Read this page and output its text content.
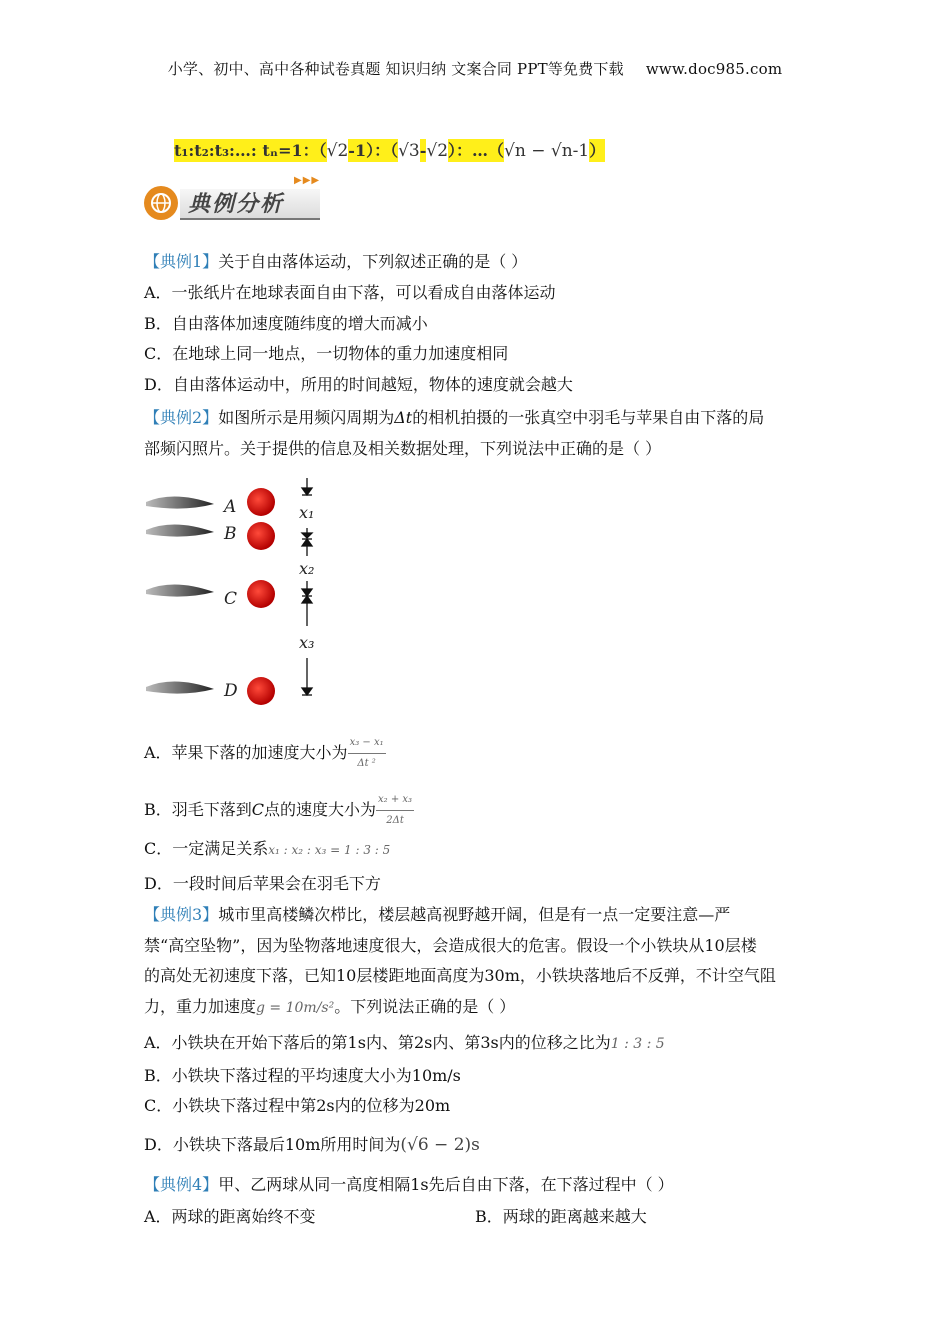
小学、初中、高中各种试卷真题 知识归纳 文案合同 PPT等免费下载 www.doc985.com
t₁:t₂:t₃:…: tₙ=1：（√2-1）：（√3-√2）：…（√n − √n-1）
▶▶▶
典例分析
【典例1】关于自由落体运动，下列叙述正确的是（ ）
A．一张纸片在地球表面自由下落，可以看成自由落体运动
B．自由落体加速度随纬度的增大而减小
C．在地球上同一地点，一切物体的重力加速度相同
D．自由落体运动中，所用的时间越短，物体的速度就会越大
【典例2】如图所示是用频闪周期为Δt的相机拍摄的一张真空中羽毛与苹果自由下落的局
部频闪照片。关于提供的信息及相关数据处理，下列说法中正确的是（ ）
A
B
C
D
x₁
x₂
x₃
A．苹果下落的加速度大小为 $\frac{\text{x₃ − x₁}}{\text{Δt ²}}$
B．羽毛下落到C点的速度大小为 $\frac{\text{x₂ + x₃}}{2\Delta t}$
C．一定满足关系x₁ : x₂ : x₃ = 1 : 3 : 5
D．一段时间后苹果会在羽毛下方
【典例3】城市里高楼鳞次栉比，楼层越高视野越开阔，但是有一点一定要注意—严
禁“高空坠物”，因为坠物落地速度很大，会造成很大的危害。假设一个小铁块从10层楼
的高处无初速度下落，已知10层楼距地面高度为30m，小铁块落地后不反弹，不计空气阻
力，重力加速度g = 10m/s²。下列说法正确的是（ ）
A．小铁块在开始下落后的第1s内、第2s内、第3s内的位移之比为1 : 3 : 5
B．小铁块下落过程的平均速度大小为10m/s
C．小铁块下落过程中第2s内的位移为20m
D．小铁块下落最后10m所用时间为(√6 − 2)s
【典例4】甲、乙两球从同一高度相隔1s先后自由下落，在下落过程中（ ）
A．两球的距离始终不变	B．两球的距离越来越大
